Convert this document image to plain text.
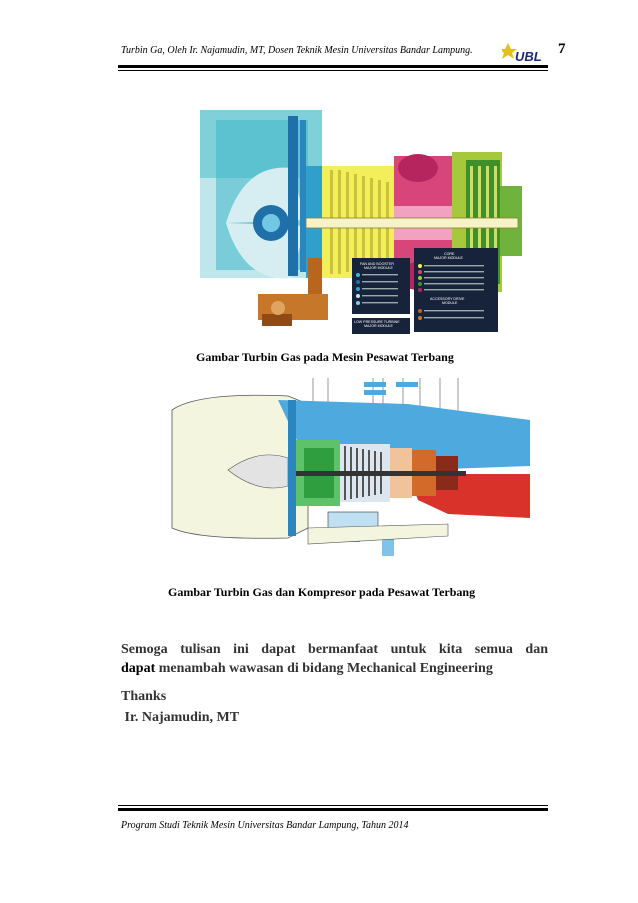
Turbin Ga, Oleh Ir. Najamudin, MT, Dosen Teknik Mesin Universitas Bandar Lampung.	UBL 7
FAN AND BOOSTER
MAJOR MODULE
CORE
MAJOR MODULE
LOW PRESSURE TURBINE
MAJOR MODULE
ACCESSORY DRIVE
MODULE
Gambar Turbin Gas pada Mesin Pesawat Terbang
Gambar Turbin Gas dan Kompresor pada Pesawat Terbang
Semoga tulisan ini dapat bermanfaat untuk kita semua dan
dapat menambah wawasan di bidang Mechanical Engineering
Thanks
Ir. Najamudin, MT
Program Studi Teknik Mesin Universitas Bandar Lampung, Tahun 2014
